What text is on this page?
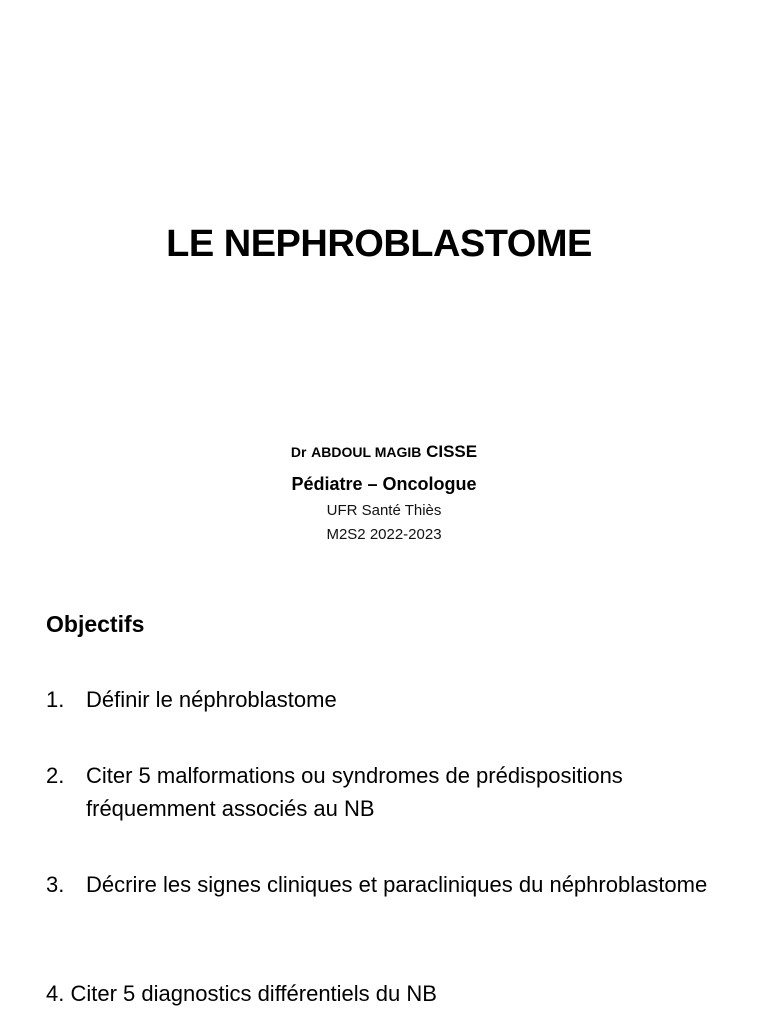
LE NEPHROBLASTOME
Dr ABDOUL MAGIB CISSE
Pédiatre – Oncologue
UFR Santé Thiès
M2S2 2022-2023
Objectifs
1. Définir le néphroblastome
2. Citer 5 malformations ou syndromes de prédispositions fréquemment associés au NB
3. Décrire les signes cliniques et paracliniques du néphroblastome
4. Citer 5 diagnostics différentiels du NB
